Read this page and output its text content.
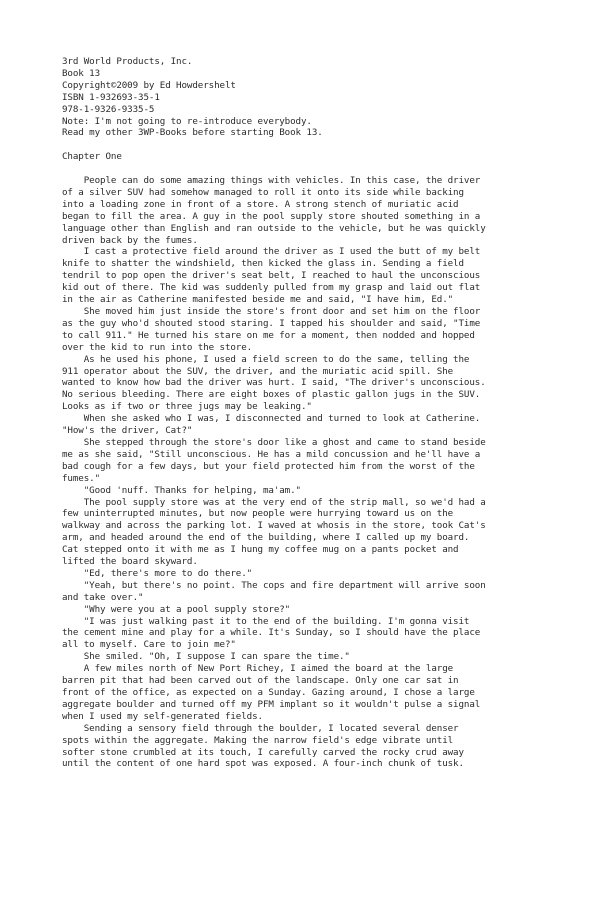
3rd World Products, Inc.
Book 13
Copyright©2009 by Ed Howdershelt
ISBN 1-932693-35-1
978-1-9326-9335-5
Note: I'm not going to re-introduce everybody.
Read my other 3WP-Books before starting Book 13.
Chapter One
People can do some amazing things with vehicles. In this case, the driver
of a silver SUV had somehow managed to roll it onto its side while backing
into a loading zone in front of a store. A strong stench of muriatic acid
began to fill the area. A guy in the pool supply store shouted something in a
language other than English and ran outside to the vehicle, but he was quickly
driven back by the fumes.
I cast a protective field around the driver as I used the butt of my belt
knife to shatter the windshield, then kicked the glass in. Sending a field
tendril to pop open the driver's seat belt, I reached to haul the unconscious
kid out of there. The kid was suddenly pulled from my grasp and laid out flat
in the air as Catherine manifested beside me and said, "I have him, Ed."
She moved him just inside the store's front door and set him on the floor
as the guy who'd shouted stood staring. I tapped his shoulder and said, "Time
to call 911." He turned his stare on me for a moment, then nodded and hopped
over the kid to run into the store.
As he used his phone, I used a field screen to do the same, telling the
911 operator about the SUV, the driver, and the muriatic acid spill. She
wanted to know how bad the driver was hurt. I said, "The driver's unconscious.
No serious bleeding. There are eight boxes of plastic gallon jugs in the SUV.
Looks as if two or three jugs may be leaking."
When she asked who I was, I disconnected and turned to look at Catherine.
"How's the driver, Cat?"
She stepped through the store's door like a ghost and came to stand beside
me as she said, "Still unconscious. He has a mild concussion and he'll have a
bad cough for a few days, but your field protected him from the worst of the
fumes."
"Good 'nuff. Thanks for helping, ma'am."
The pool supply store was at the very end of the strip mall, so we'd had a
few uninterrupted minutes, but now people were hurrying toward us on the
walkway and across the parking lot. I waved at whosis in the store, took Cat's
arm, and headed around the end of the building, where I called up my board.
Cat stepped onto it with me as I hung my coffee mug on a pants pocket and
lifted the board skyward.
"Ed, there's more to do there."
"Yeah, but there's no point. The cops and fire department will arrive soon
and take over."
"Why were you at a pool supply store?"
"I was just walking past it to the end of the building. I'm gonna visit
the cement mine and play for a while. It's Sunday, so I should have the place
all to myself. Care to join me?"
She smiled. "Oh, I suppose I can spare the time."
A few miles north of New Port Richey, I aimed the board at the large
barren pit that had been carved out of the landscape. Only one car sat in
front of the office, as expected on a Sunday. Gazing around, I chose a large
aggregate boulder and turned off my PFM implant so it wouldn't pulse a signal
when I used my self-generated fields.
Sending a sensory field through the boulder, I located several denser
spots within the aggregate. Making the narrow field's edge vibrate until
softer stone crumbled at its touch, I carefully carved the rocky crud away
until the content of one hard spot was exposed. A four-inch chunk of tusk.
